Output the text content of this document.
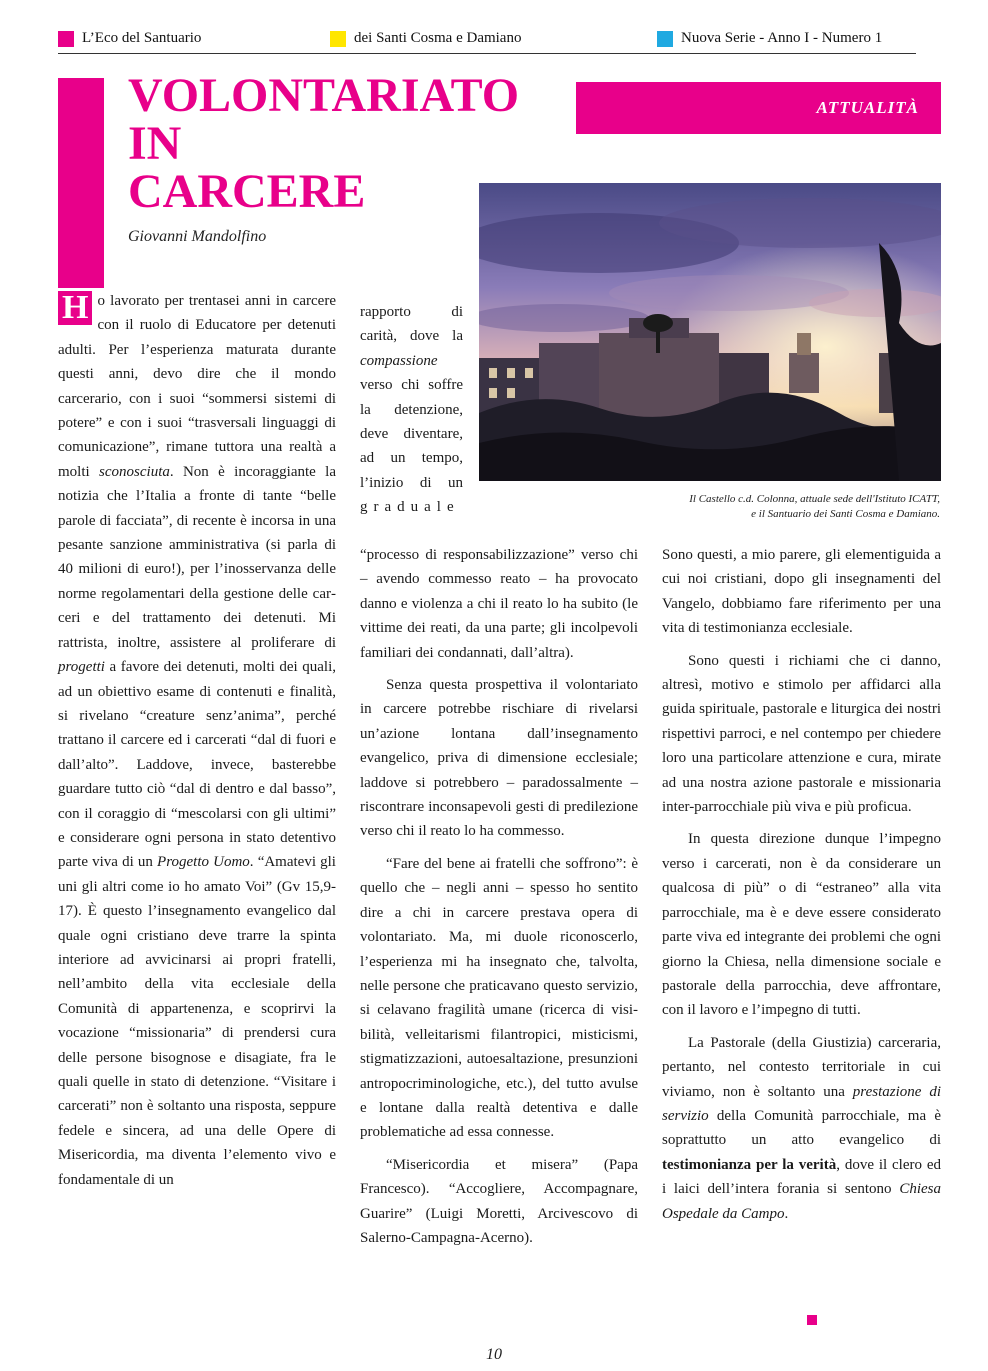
L’Eco del Santuario	dei Santi Cosma e Damiano	Nuova Serie - Anno I - Numero 1
VOLONTARIATO
IN
CARCERE
Giovanni Mandolfino
ATTUALITÀ
Il Castello c.d. Colonna, attuale sede dell'Istituto ICATT,
e il Santuario dei Santi Cosma e Damiano.

H o lavorato per trentasei anni in carcere con il ruolo di Educatore per detenuti adulti. Per l’esperienza maturata durante questi anni, devo dire che il mondo carcerario, con i suoi “sommersi sistemi di potere” e con i suoi “trasversali linguaggi di comunicazione”, rimane tuttora una realtà a molti sconosciuta. Non è incoraggiante la notizia che l’Italia a fronte di tante “belle parole di facciata”, di recente è incorsa in una pesante sanzione amministrativa (si parla di 40 milioni di euro!), per l’inosservanza delle norme regolamentari della gestione delle carceri e del trattamento dei detenuti. Mi rattrista, inoltre, assistere al proliferare di progetti a favore dei detenuti, molti dei quali, ad un obiettivo esame di contenuti e finalità, si rivelano “creature senz’anima”, perché trattano il carcere ed i carcerati “dal di fuori e dall’alto”. Laddove, invece, basterebbe guardare tutto ciò “dal di dentro e dal basso”, con il coraggio di “mescolarsi con gli ultimi” e considerare ogni persona in stato detentivo parte viva di un Progetto Uomo. “Amatevi gli uni gli altri come io ho amato Voi” (Gv 15,9-17). È questo l’insegnamento evangelico dal quale ogni cristiano deve trarre la spinta interiore ad avvicinarsi ai propri fratelli, nell’ambito della vita ecclesiale della Comunità di appartenenza, e scoprirvi la vocazione “missionaria” di prendersi cura delle persone bisognose e disagiate, fra le quali quelle in stato di detenzione. “Visitare i carcerati” non è soltanto una risposta, seppure fedele e sincera, ad una delle Opere di Misericordia, ma diventa l’elemento vivo e fondamentale di un

rapporto di carità, dove la compassione verso chi soffre la detenzione, deve diventare, ad un tempo, l’inizio di un graduale

“processo di responsabilizzazione” verso chi – avendo commesso reato – ha provocato danno e violenza a chi il reato lo ha subito (le vittime dei reati, da una parte; gli incolpevoli familiari dei condannati, dall’altra).

Senza questa prospettiva il volontariato in carcere potrebbe rischiare di rivelarsi un’azione lontana dall’insegnamento evangelico, priva di dimensione ecclesiale; laddove si potrebbero – paradossalmente – riscontrare inconsapevoli gesti di predilezione verso chi il reato lo ha commesso.

“Fare del bene ai fratelli che soffrono”: è quello che – negli anni – spesso ho sentito dire a chi in carcere prestava opera di volontariato. Ma, mi duole riconoscerlo, l’esperienza mi ha insegnato che, talvolta, nelle persone che praticavano questo servizio, si celavano fragilità umane (ricerca di visibilità, velleitarismi filantropici, misticismi, stigmatizzazioni, autoesaltazione, presunzioni antropocriminologiche, etc.), del tutto avulse e lontane dalla realtà detentiva e dalle problematiche ad essa connesse.

“Misericordia et misera” (Papa Francesco). “Accogliere, Accompagnare, Guarire” (Luigi Moretti, Arcivescovo di Salerno-Campagna-Acerno).

Sono questi, a mio parere, gli elementiguida a cui noi cristiani, dopo gli insegnamenti del Vangelo, dobbiamo fare riferimento per una vita di testimonianza ecclesiale.

Sono questi i richiami che ci danno, altresì, motivo e stimolo per affidarci alla guida spirituale, pastorale e liturgica dei nostri rispettivi parroci, e nel contempo per chiedere loro una particolare attenzione e cura, mirate ad una nostra azione pastorale e missionaria inter-parrocchiale più viva e più proficua.

In questa direzione dunque l’impegno verso i carcerati, non è da considerare un qualcosa di più” o di “estraneo” alla vita parrocchiale, ma è e deve essere considerato parte viva ed integrante dei problemi che ogni giorno la Chiesa, nella dimensione sociale e pastorale della parrocchia, deve affrontare, con il lavoro e l’impegno di tutti.

La Pastorale (della Giustizia) carceraria, pertanto, nel contesto territoriale in cui viviamo, non è soltanto una prestazione di servizio della Comunità parrocchiale, ma è soprattutto un atto evangelico di testimonianza per la verità, dove il clero ed i laici dell’intera forania si sentono Chiesa Ospedale da Campo.

10
